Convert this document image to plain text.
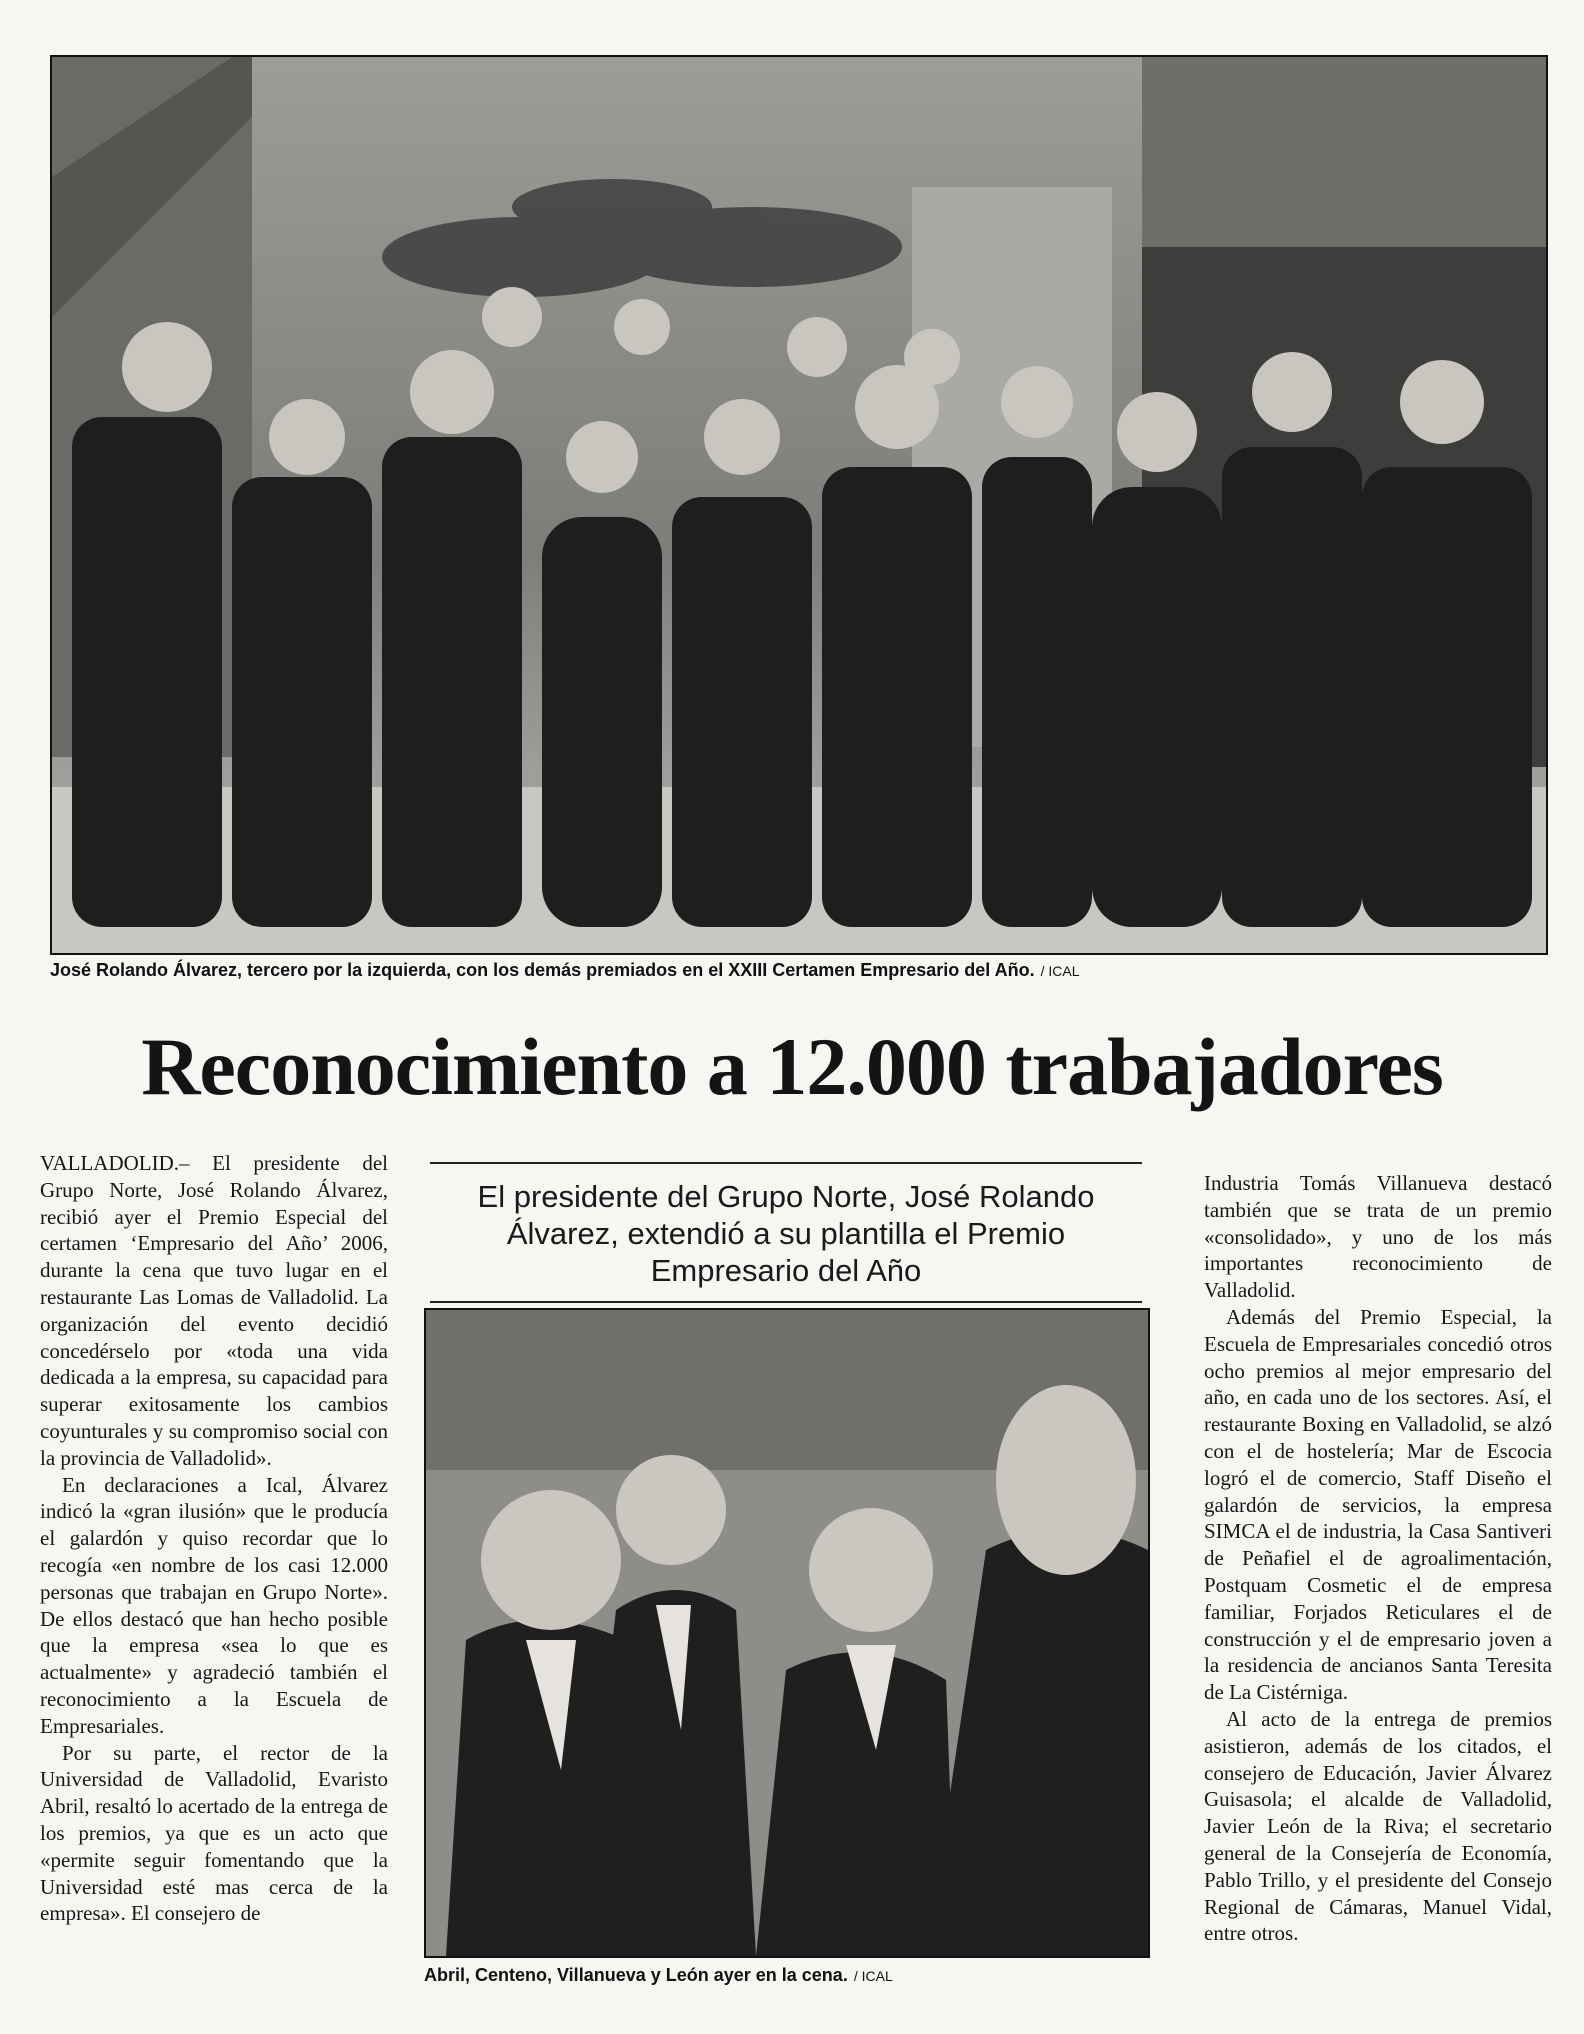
José Rolando Álvarez, tercero por la izquierda, con los demás premiados en el XXIII Certamen Empresario del Año. / ICAL
Reconocimiento a 12.000 trabajadores

VALLADOLID.– El presidente del Grupo Norte, José Rolando Álvarez, recibió ayer el Premio Especial del certamen ‘Empresario del Año’ 2006, durante la cena que tuvo lugar en el restaurante Las Lomas de Valladolid. La organización del evento decidió concedérselo por «toda una vida dedicada a la empresa, su capacidad para superar exitosamente los cambios coyunturales y su compromiso social con la provincia de Valladolid».

En declaraciones a Ical, Álvarez indicó la «gran ilusión» que le producía el galardón y quiso recordar que lo recogía «en nombre de los casi 12.000 personas que trabajan en Grupo Norte». De ellos destacó que han hecho posible que la empresa «sea lo que es actualmente» y agradeció también el reconocimiento a la Escuela de Empresariales.

Por su parte, el rector de la Universidad de Valladolid, Evaristo Abril, resaltó lo acertado de la entrega de los premios, ya que es un acto que «permite seguir fomentando que la Universidad esté mas cerca de la empresa». El consejero de

El presidente del Grupo Norte, José Rolando Álvarez, extendió a su plantilla el Premio Empresario del Año
Abril, Centeno, Villanueva y León ayer en la cena. / ICAL

Industria Tomás Villanueva destacó también que se trata de un premio «consolidado», y uno de los más importantes reconocimiento de Valladolid.

Además del Premio Especial, la Escuela de Empresariales concedió otros ocho premios al mejor empresario del año, en cada uno de los sectores. Así, el restaurante Boxing en Valladolid, se alzó con el de hostelería; Mar de Escocia logró el de comercio, Staff Diseño el galardón de servicios, la empresa SIMCA el de industria, la Casa Santiveri de Peñafiel el de agroalimentación, Postquam Cosmetic el de empresa familiar, Forjados Reticulares el de construcción y el de empresario joven a la residencia de ancianos Santa Teresita de La Cistérniga.

Al acto de la entrega de premios asistieron, además de los citados, el consejero de Educación, Javier Álvarez Guisasola; el alcalde de Valladolid, Javier León de la Riva; el secretario general de la Consejería de Economía, Pablo Trillo, y el presidente del Consejo Regional de Cámaras, Manuel Vidal, entre otros.
